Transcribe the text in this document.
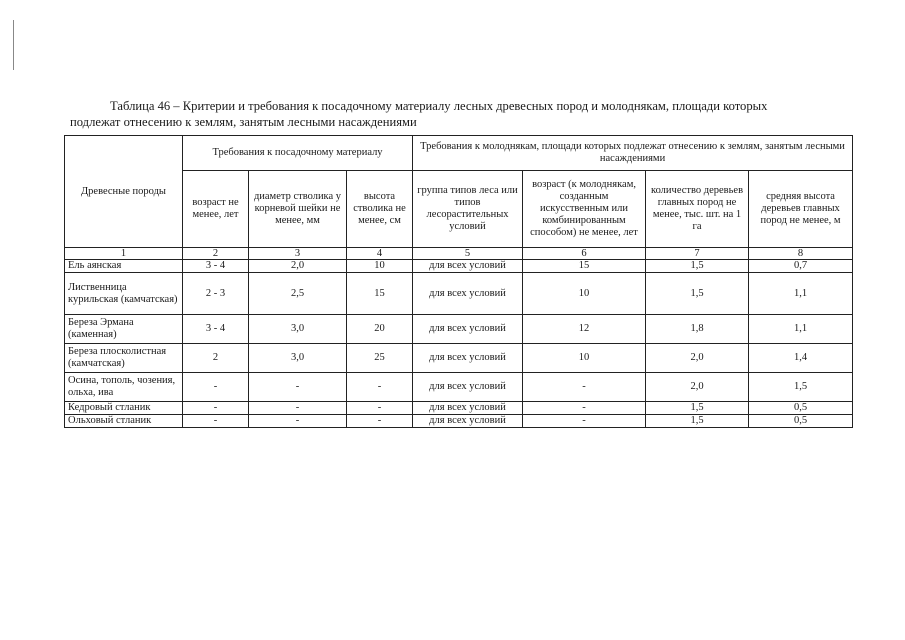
Таблица 46 – Критерии и требования к посадочному материалу лесных древесных пород и молоднякам, площади которых
подлежат отнесению к землям, занятым лесными насаждениями
Древесные породы	Требования к посадочному материалу			Требования к молоднякам, площади которых подлежат отнесению к землям, занятым лесными насаждениями			
	возраст не менее, лет	диаметр стволика у корневой шейки не менее, мм	высота стволика не менее, см	группа типов леса или типов лесорастительных условий	возраст (к молоднякам, созданным искусственным или комбинированным способом) не менее, лет	количество деревьев главных пород не менее, тыс. шт. на 1 га	средняя высота деревьев главных пород не менее, м
1	2	3	4	5	6	7	8
Ель аянская	3 - 4	2,0	10	для всех условий	15	1,5	0,7
Лиственница курильская (камчатская)	2 - 3	2,5	15	для всех условий	10	1,5	1,1
Береза Эрмана (каменная)	3 - 4	3,0	20	для всех условий	12	1,8	1,1
Береза плосколистная (камчатская)	2	3,0	25	для всех условий	10	2,0	1,4
Осина, тополь, чозения, ольха, ива	-	-	-	для всех условий	-	2,0	1,5
Кедровый стланик	-	-	-	для всех условий	-	1,5	0,5
Ольховый стланик	-	-	-	для всех условий	-	1,5	0,5
